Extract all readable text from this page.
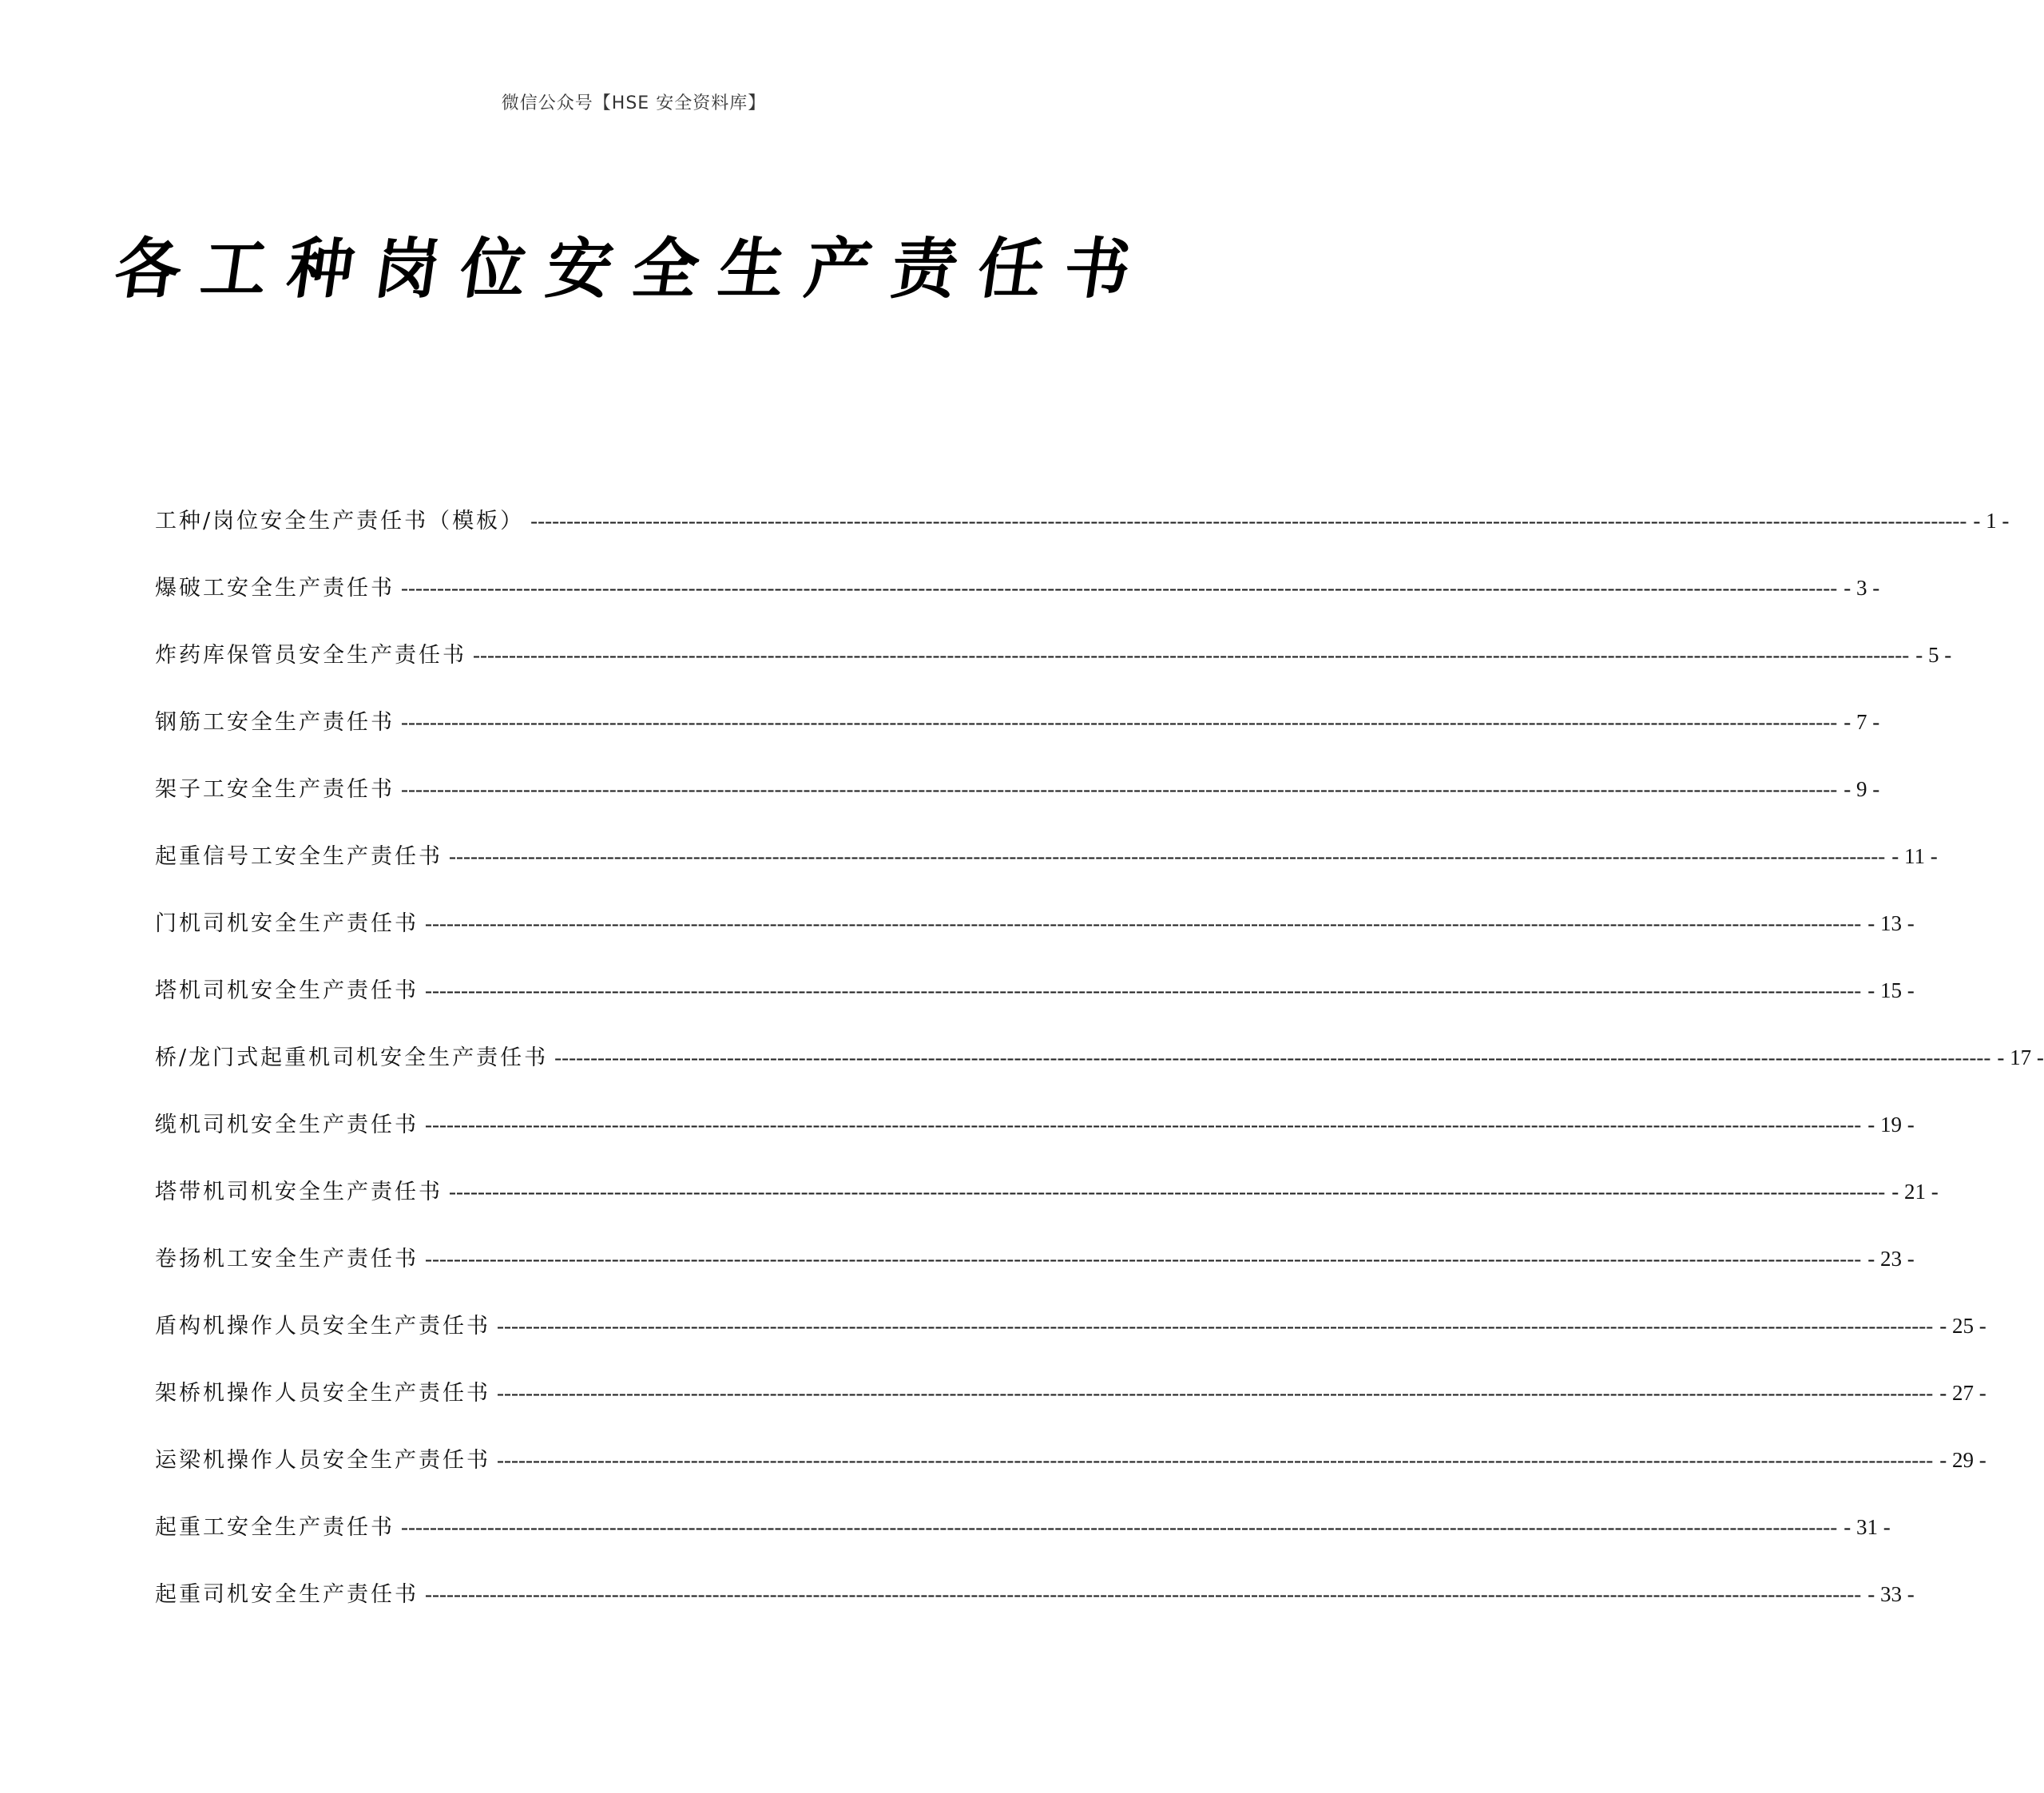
微信公众号【HSE 安全资料库】
各工种岗位安全生产责任书
工种/岗位安全生产责任书（模板） -------------------------------------------------------------------------------------------------------------------------------------------------------------------------------------------------------- - 1 -
爆破工安全生产责任书 -------------------------------------------------------------------------------------------------------------------------------------------------------------------------------------------------------- - 3 -
炸药库保管员安全生产责任书 -------------------------------------------------------------------------------------------------------------------------------------------------------------------------------------------------------- - 5 -
钢筋工安全生产责任书 -------------------------------------------------------------------------------------------------------------------------------------------------------------------------------------------------------- - 7 -
架子工安全生产责任书 -------------------------------------------------------------------------------------------------------------------------------------------------------------------------------------------------------- - 9 -
起重信号工安全生产责任书 -------------------------------------------------------------------------------------------------------------------------------------------------------------------------------------------------------- - 11 -
门机司机安全生产责任书 -------------------------------------------------------------------------------------------------------------------------------------------------------------------------------------------------------- - 13 -
塔机司机安全生产责任书 -------------------------------------------------------------------------------------------------------------------------------------------------------------------------------------------------------- - 15 -
桥/龙门式起重机司机安全生产责任书 -------------------------------------------------------------------------------------------------------------------------------------------------------------------------------------------------------- - 17 -
缆机司机安全生产责任书 -------------------------------------------------------------------------------------------------------------------------------------------------------------------------------------------------------- - 19 -
塔带机司机安全生产责任书 -------------------------------------------------------------------------------------------------------------------------------------------------------------------------------------------------------- - 21 -
卷扬机工安全生产责任书 -------------------------------------------------------------------------------------------------------------------------------------------------------------------------------------------------------- - 23 -
盾构机操作人员安全生产责任书 -------------------------------------------------------------------------------------------------------------------------------------------------------------------------------------------------------- - 25 -
架桥机操作人员安全生产责任书 -------------------------------------------------------------------------------------------------------------------------------------------------------------------------------------------------------- - 27 -
运梁机操作人员安全生产责任书 -------------------------------------------------------------------------------------------------------------------------------------------------------------------------------------------------------- - 29 -
起重工安全生产责任书 -------------------------------------------------------------------------------------------------------------------------------------------------------------------------------------------------------- - 31 -
起重司机安全生产责任书 -------------------------------------------------------------------------------------------------------------------------------------------------------------------------------------------------------- - 33 -
